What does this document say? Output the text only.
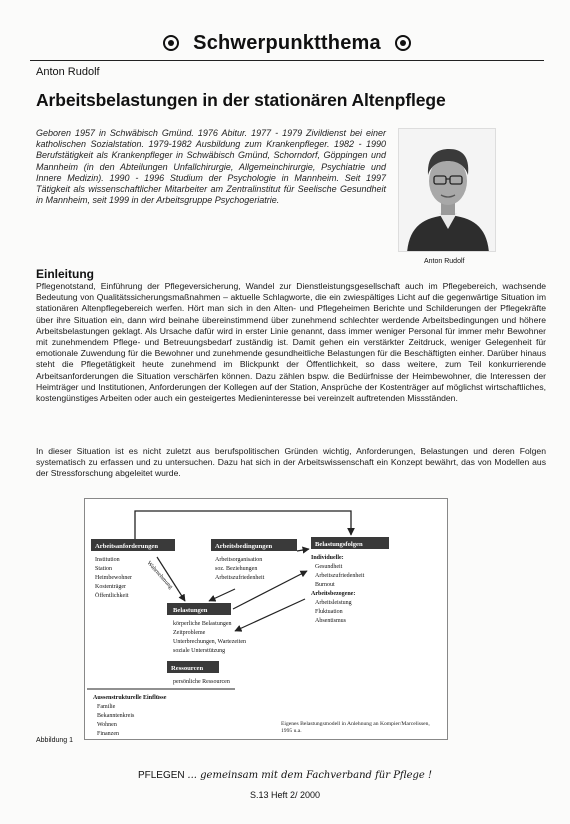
Schwerpunktthema
Anton Rudolf
Arbeitsbelastungen in der stationären Altenpflege
Geboren 1957 in Schwäbisch Gmünd. 1976 Abitur. 1977 - 1979 Zivildienst bei einer katholischen Sozialstation. 1979-1982 Ausbildung zum Krankenpfleger. 1982 - 1990 Berufstätigkeit als Krankenpfleger in Schwäbisch Gmünd, Schorndorf, Göppingen und Mannheim (in den Abteilungen Unfallchirurgie, Allgemeinchirurgie, Psychiatrie und Innere Medizin). 1990 - 1996 Studium der Psychologie in Mannheim. Seit 1997 Tätigkeit als wissenschaftlicher Mitarbeiter am Zentralinstitut für Seelische Gesundheit in Mannheim, seit 1999 in der Arbeitsgruppe Psychogeriatrie.
Anton Rudolf
Einleitung
Pflegenotstand, Einführung der Pflegeversicherung, Wandel zur Dienstleistungsgesellschaft auch im Pflegebereich, wachsende Bedeutung von Qualitätssicherungsmaßnahmen – aktuelle Schlagworte, die ein zwiespältiges Licht auf die gegenwärtige Situation im stationären Altenpflegebereich werfen. Hört man sich in den Alten- und Pflegeheimen Berichte und Schilderungen der Pflegekräfte über ihre Situation ein, dann wird beinahe übereinstimmend über zunehmend schlechter werdende Arbeitsbedingungen und höhere Arbeitsbelastungen geklagt. Als Ursache dafür wird in erster Linie genannt, dass immer weniger Personal für immer mehr Bewohner mit zunehmendem Pflege- und Betreuungsbedarf zuständig ist. Damit gehen ein verstärkter Zeitdruck, weniger Gelegenheit für emotionale Zuwendung für die Bewohner und zunehmende gesundheitliche Belastungen für die Beschäftigten einher. Darüber hinaus steht die Pflegetätigkeit heute zunehmend im Blickpunkt der Öffentlichkeit, so dass weitere, zum Teil konkurrierende Arbeitsanforderungen die Situation verschärfen können. Dazu zählen bspw. die Bedürfnisse der Heimbewohner, die Interessen der Heimträger und Institutionen, Anforderungen der Kollegen auf der Station, Ansprüche der Kostenträger auf möglichst wirtschaftliches, kostengünstiges Arbeiten oder auch ein gesteigertes Medieninteresse bei vereinzelt auftretenden Missständen.
In dieser Situation ist es nicht zuletzt aus berufspolitischen Gründen wichtig, Anforderungen, Belastungen und deren Folgen systematisch zu erfassen und zu untersuchen. Dazu hat sich in der Arbeitswissenschaft ein Konzept bewährt, das von Modellen aus der Stressforschung abgeleitet wurde.
Arbeitsanforderungen
Institution
Station
Heimbewohner
Kostenträger
Öffentlichkeit
Arbeitsbedingungen
Arbeitsorganisation
soz. Beziehungen
Arbeitszufriedenheit
Belastungsfolgen
Individuelle:
Gesundheit
Arbeitszufriedenheit
Burnout
Arbeitsbezogene:
Arbeitsleistung
Fluktuation
Absentismus
Wahrnehmung
Belastungen
körperliche Belastungen
Zeitprobleme
Unterbrechungen, Wartezeiten
soziale Unterstützung
Ressourcen
persönliche Ressourcen
Aussenstrukturelle Einflüsse
Familie
Bekanntenkreis
Wohnen
Finanzen
Eigenes Belastungsmodell in Anlehnung an Kompier/Marcelissen, 1995 u.a.
Abbildung 1
PFLEGEN ... gemeinsam mit dem Fachverband für Pflege !
S.13 Heft 2/ 2000
